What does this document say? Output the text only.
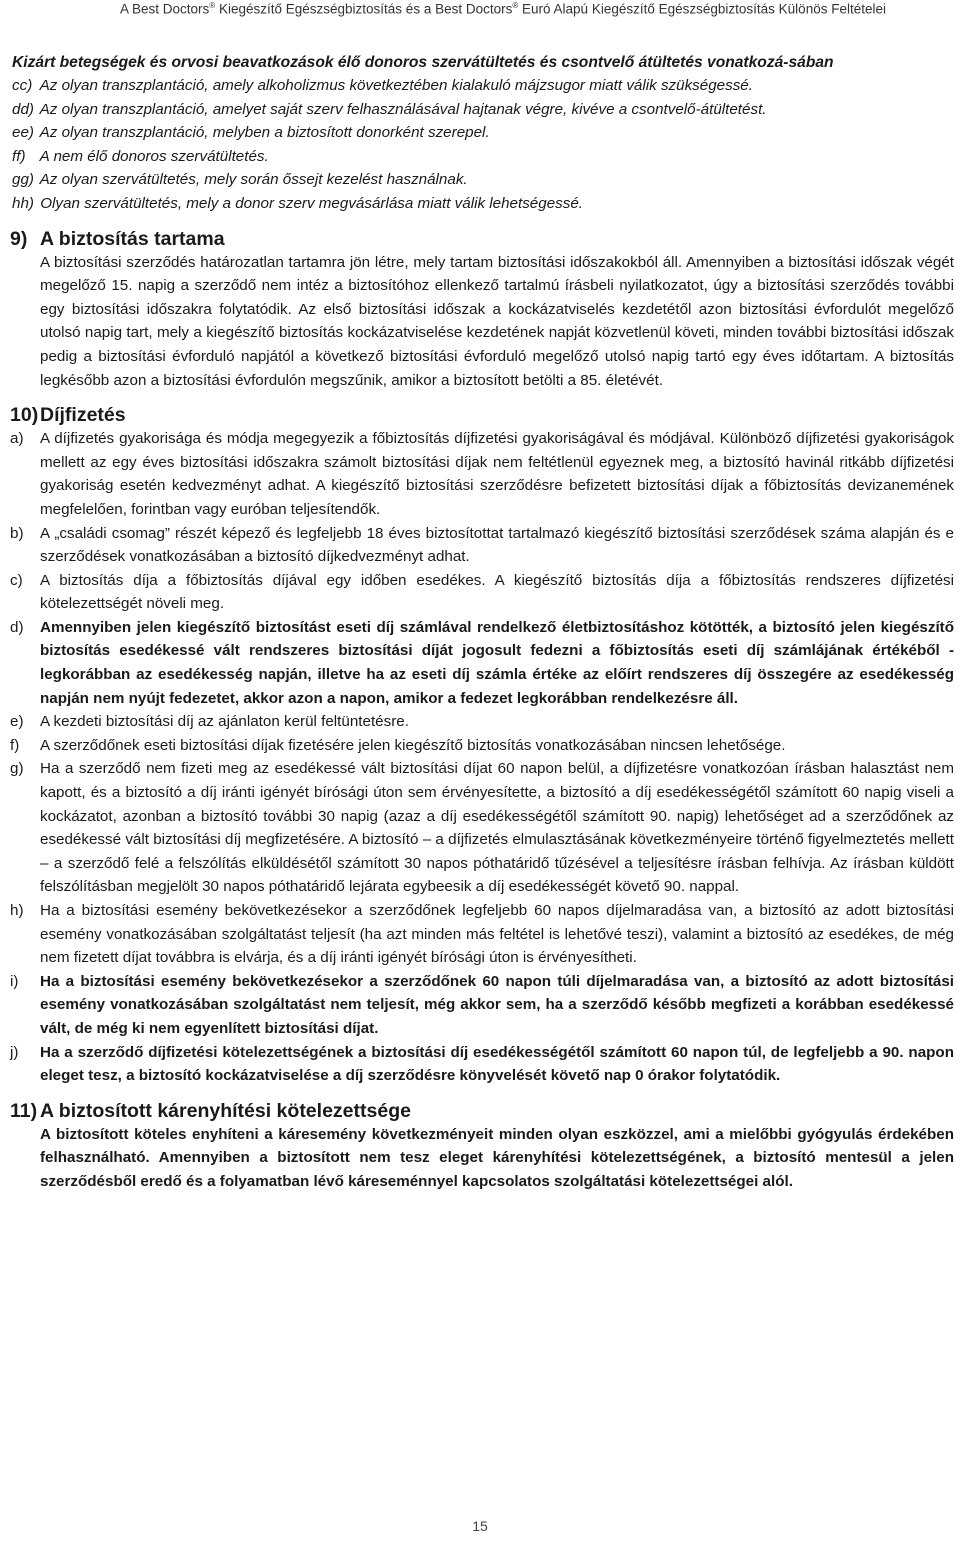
A Best Doctors® Kiegészítő Egészségbiztosítás és a Best Doctors® Euró Alapú Kiegészítő Egészségbiztosítás Különös Feltételei
Kizárt betegségek és orvosi beavatkozások élő donoros szervátültetés és csontvelő átültetés vonatkozá-sában
cc) Az olyan transzplantáció, amely alkoholizmus következtében kialakuló májzsugor miatt válik szükségessé.
dd) Az olyan transzplantáció, amelyet saját szerv felhasználásával hajtanak végre, kivéve a csontvelő-átültetést.
ee) Az olyan transzplantáció, melyben a biztosított donorként szerepel.
ff) A nem élő donoros szervátültetés.
gg) Az olyan szervátültetés, mely során őssejt kezelést használnak.
hh) Olyan szervátültetés, mely a donor szerv megvásárlása miatt válik lehetségessé.
9) A biztosítás tartama
A biztosítási szerződés határozatlan tartamra jön létre, mely tartam biztosítási időszakokból áll. Amennyiben a biztosítási időszak végét megelőző 15. napig a szerződő nem intéz a biztosítóhoz ellenkező tartalmú írásbeli nyilatkozatot, úgy a biztosítási szerződés további egy biztosítási időszakra folytatódik. Az első biztosítási időszak a kockázatviselés kezdetétől azon biztosítási évfordulót megelőző utolsó napig tart, mely a kiegészítő biztosítás kockázatviselése kezdetének napját közvetlenül követi, minden további biztosítási időszak pedig a biztosítási évforduló napjától a következő biztosítási évforduló megelőző utolsó napig tartó egy éves időtartam. A biztosítás legkésőbb azon a biztosítási évfordulón megszűnik, amikor a biztosított betölti a 85. életévét.
10) Díjfizetés
a)	A díjfizetés gyakorisága és módja megegyezik a főbiztosítás díjfizetési gyakoriságával és módjával. Különböző díjfizetési gyakoriságok mellett az egy éves biztosítási időszakra számolt biztosítási díjak nem feltétlenül egyeznek meg, a biztosító havinál ritkább díjfizetési gyakoriság esetén kedvezményt adhat. A kiegészítő biztosítási szerződésre befizetett biztosítási díjak a főbiztosítás devizanemének megfelelően, forintban vagy euróban teljesítendők.
b)	A „családi csomag” részét képező és legfeljebb 18 éves biztosítottat tartalmazó kiegészítő biztosítási szerződések száma alapján és e szerződések vonatkozásában a biztosító díjkedvezményt adhat.
c)	A biztosítás díja a főbiztosítás díjával egy időben esedékes. A kiegészítő biztosítás díja a főbiztosítás rendszeres díjfizetési kötelezettségét növeli meg.
d)	Amennyiben jelen kiegészítő biztosítást eseti díj számlával rendelkező életbiztosításhoz kötötték, a biztosító jelen kiegészítő biztosítás esedékessé vált rendszeres biztosítási díját jogosult fedezni a főbiztosítás eseti díj számlájának értékéből - legkorábban az esedékesség napján, illetve ha az eseti díj számla értéke az előírt rendszeres díj összegére az esedékesség napján nem nyújt fedezetet, akkor azon a napon, amikor a fedezet legkorábban rendelkezésre áll.
e)	A kezdeti biztosítási díj az ajánlaton kerül feltüntetésre.
f)	A szerződőnek eseti biztosítási díjak fizetésére jelen kiegészítő biztosítás vonatkozásában nincsen lehetősége.
g)	Ha a szerződő nem fizeti meg az esedékessé vált biztosítási díjat 60 napon belül, a díjfizetésre vonatkozóan írásban halasztást nem kapott, és a biztosító a díj iránti igényét bírósági úton sem érvényesítette, a biztosító a díj esedékességétől számított 60 napig viseli a kockázatot, azonban a biztosító további 30 napig (azaz a díj esedékességétől számított 90. napig) lehetőséget ad a szerződőnek az esedékessé vált biztosítási díj megfizetésére. A biztosító – a díjfizetés elmulasztásának következményeire történő figyelmeztetés mellett – a szerződő felé a felszólítás elküldésétől számított 30 napos póthatáridő tűzésével a teljesítésre írásban felhívja. Az írásban küldött felszólításban megjelölt 30 napos póthatáridő lejárata egybeesik a díj esedékességét követő 90. nappal.
h)	Ha a biztosítási esemény bekövetkezésekor a szerződőnek legfeljebb 60 napos díjelmaradása van, a biztosító az adott biztosítási esemény vonatkozásában szolgáltatást teljesít (ha azt minden más feltétel is lehetővé teszi), valamint a biztosító az esedékes, de még nem fizetett díjat továbbra is elvárja, és a díj iránti igényét bírósági úton is érvényesítheti.
i)	Ha a biztosítási esemény bekövetkezésekor a szerződőnek 60 napon túli díjelmaradása van, a biztosító az adott biztosítási esemény vonatkozásában szolgáltatást nem teljesít, még akkor sem, ha a szerződő később megfizeti a korábban esedékessé vált, de még ki nem egyenlített biztosítási díjat.
j)	Ha a szerződő díjfizetési kötelezettségének a biztosítási díj esedékességétől számított 60 napon túl, de legfeljebb a 90. napon eleget tesz, a biztosító kockázatviselése a díj szerződésre könyvelését követő nap 0 órakor folytatódik.
11) A biztosított kárenyhítési kötelezettsége
A biztosított köteles enyhíteni a káresemény következményeit minden olyan eszközzel, ami a mielőbbi gyógyulás érdekében felhasználható. Amennyiben a biztosított nem tesz eleget kárenyhítési kötelezettségének, a biztosító mentesül a jelen szerződésből eredő és a folyamatban lévő káreseménnyel kapcsolatos szolgáltatási kötelezettségei alól.
15
